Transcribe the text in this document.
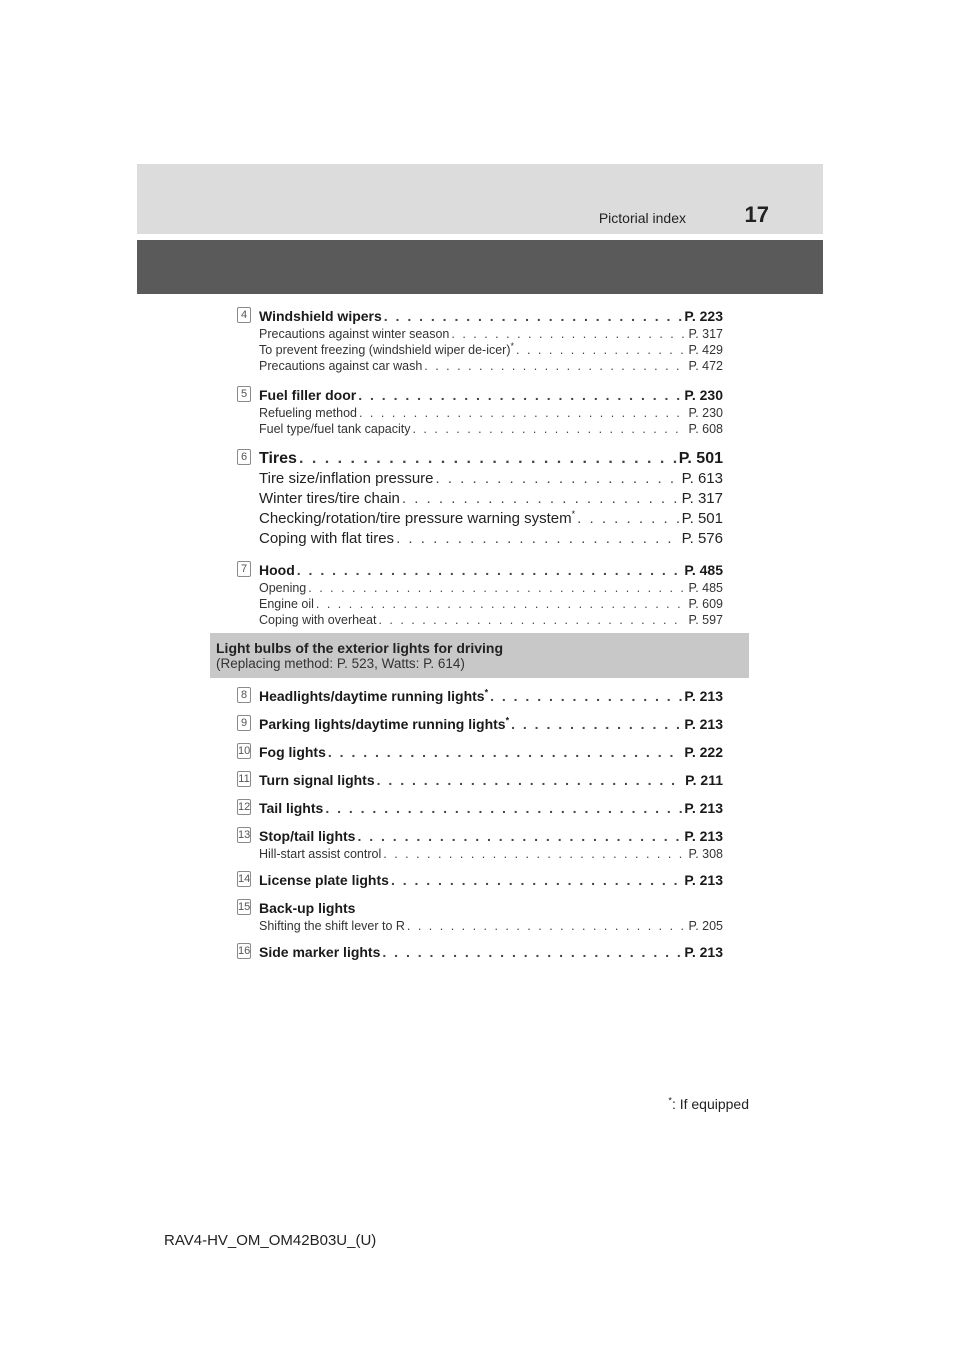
Pictorial index	17
4 Windshield wipers . . .	P. 223
Precautions against winter season . . .	P. 317
To prevent freezing (windshield wiper de-icer)* . . .	P. 429
Precautions against car wash . . .	P. 472
5 Fuel filler door . . .	P. 230
Refueling method . . .	P. 230
Fuel type/fuel tank capacity . . .	P. 608
6 Tires . . .	P. 501
Tire size/inflation pressure . . .	P. 613
Winter tires/tire chain . . .	P. 317
Checking/rotation/tire pressure warning system* . . .	P. 501
Coping with flat tires . . .	P. 576
7 Hood . . .	P. 485
Opening . . .	P. 485
Engine oil . . .	P. 609
Coping with overheat . . .	P. 597
Light bulbs of the exterior lights for driving
(Replacing method: P. 523, Watts: P. 614)
8 Headlights/daytime running lights* . . .	P. 213
9 Parking lights/daytime running lights* . . .	P. 213
10 Fog lights . . .	P. 222
11 Turn signal lights . . .	P. 211
12 Tail lights . . .	P. 213
13 Stop/tail lights . . .	P. 213
Hill-start assist control . . .	P. 308
14 License plate lights . . .	P. 213
15 Back-up lights
Shifting the shift lever to R . . .	P. 205
16 Side marker lights . . .	P. 213
*: If equipped
RAV4-HV_OM_OM42B03U_(U)
